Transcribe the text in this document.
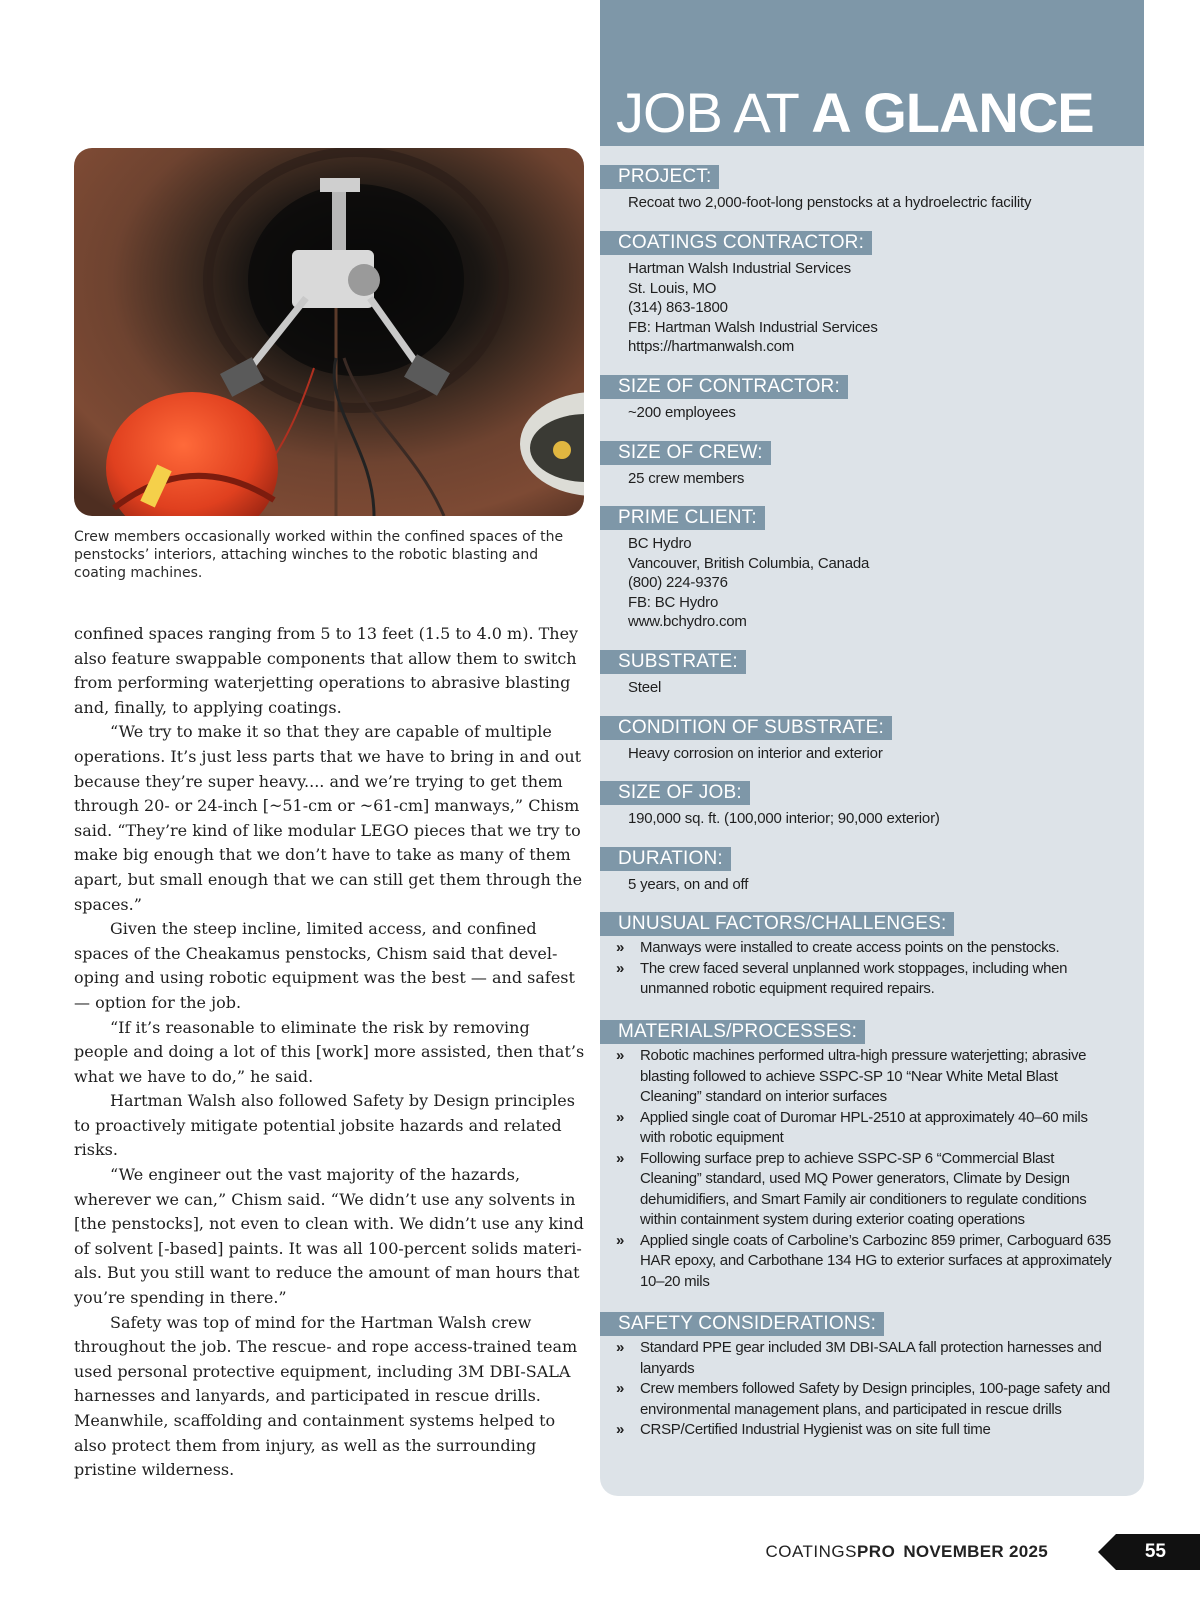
Crew members occasionally worked within the confined spaces of the penstocks’ interiors, attaching winches to the robotic blasting and coating machines.

confined spaces ranging from 5 to 13 feet (1.5 to 4.0 m). They also feature swappable components that allow them to switch from performing waterjetting operations to abrasive blasting and, finally, to applying coatings.

“We try to make it so that they are capable of multiple operations. It’s just less parts that we have to bring in and out because they’re super heavy.... and we’re trying to get them through 20- or 24-inch [~51-cm or ~61-cm] manways,” Chism said. “They’re kind of like modular LEGO pieces that we try to make big enough that we don’t have to take as many of them apart, but small enough that we can still get them through the spaces.”

Given the steep incline, limited access, and confined spaces of the Cheakamus penstocks, Chism said that developing and using robotic equipment was the best — and safest — option for the job.

“If it’s reasonable to eliminate the risk by removing people and doing a lot of this [work] more assisted, then that’s what we have to do,” he said.

Hartman Walsh also followed Safety by Design principles to proactively mitigate potential jobsite hazards and related risks.

“We engineer out the vast majority of the hazards, wherever we can,” Chism said. “We didn’t use any solvents in [the penstocks], not even to clean with. We didn’t use any kind of solvent [-based] paints. It was all 100-percent solids materials. But you still want to reduce the amount of man hours that you’re spending in there.”

Safety was top of mind for the Hartman Walsh crew throughout the job. The rescue- and rope access-trained team used personal protective equipment, including 3M DBI-SALA harnesses and lanyards, and participated in rescue drills. Meanwhile, scaffolding and containment systems helped to also protect them from injury, as well as the surrounding pristine wilderness.

JOB AT A GLANCE
PROJECT:
Recoat two 2,000-foot-long penstocks at a hydroelectric facility
COATINGS CONTRACTOR:
Hartman Walsh Industrial Services
St. Louis, MO
(314) 863-1800
FB: Hartman Walsh Industrial Services
https://hartmanwalsh.com
SIZE OF CONTRACTOR:
~200 employees
SIZE OF CREW:
25 crew members
PRIME CLIENT:
BC Hydro
Vancouver, British Columbia, Canada
(800) 224-9376
FB: BC Hydro
www.bchydro.com
SUBSTRATE:
Steel
CONDITION OF SUBSTRATE:
Heavy corrosion on interior and exterior
SIZE OF JOB:
190,000 sq. ft. (100,000 interior; 90,000 exterior)
DURATION:
5 years, on and off
UNUSUAL FACTORS/CHALLENGES:
» Manways were installed to create access points on the penstocks.
» The crew faced several unplanned work stoppages, including when unmanned robotic equipment required repairs.
MATERIALS/PROCESSES:
» Robotic machines performed ultra-high pressure waterjetting; abrasive blasting followed to achieve SSPC-SP 10 “Near White Metal Blast Cleaning” standard on interior surfaces
» Applied single coat of Duromar HPL-2510 at approximately 40–60 mils with robotic equipment
» Following surface prep to achieve SSPC-SP 6 “Commercial Blast Cleaning” standard, used MQ Power generators, Climate by Design dehumidifiers, and Smart Family air conditioners to regulate conditions within containment system during exterior coating operations
» Applied single coats of Carboline’s Carbozinc 859 primer, Carboguard 635 HAR epoxy, and Carbothane 134 HG to exterior surfaces at approximately 10–20 mils
SAFETY CONSIDERATIONS:
» Standard PPE gear included 3M DBI-SALA fall protection harnesses and lanyards
» Crew members followed Safety by Design principles, 100-page safety and environmental management plans, and participated in rescue drills
» CRSP/Certified Industrial Hygienist was on site full time
COATINGSPRO NOVEMBER 2025	55
